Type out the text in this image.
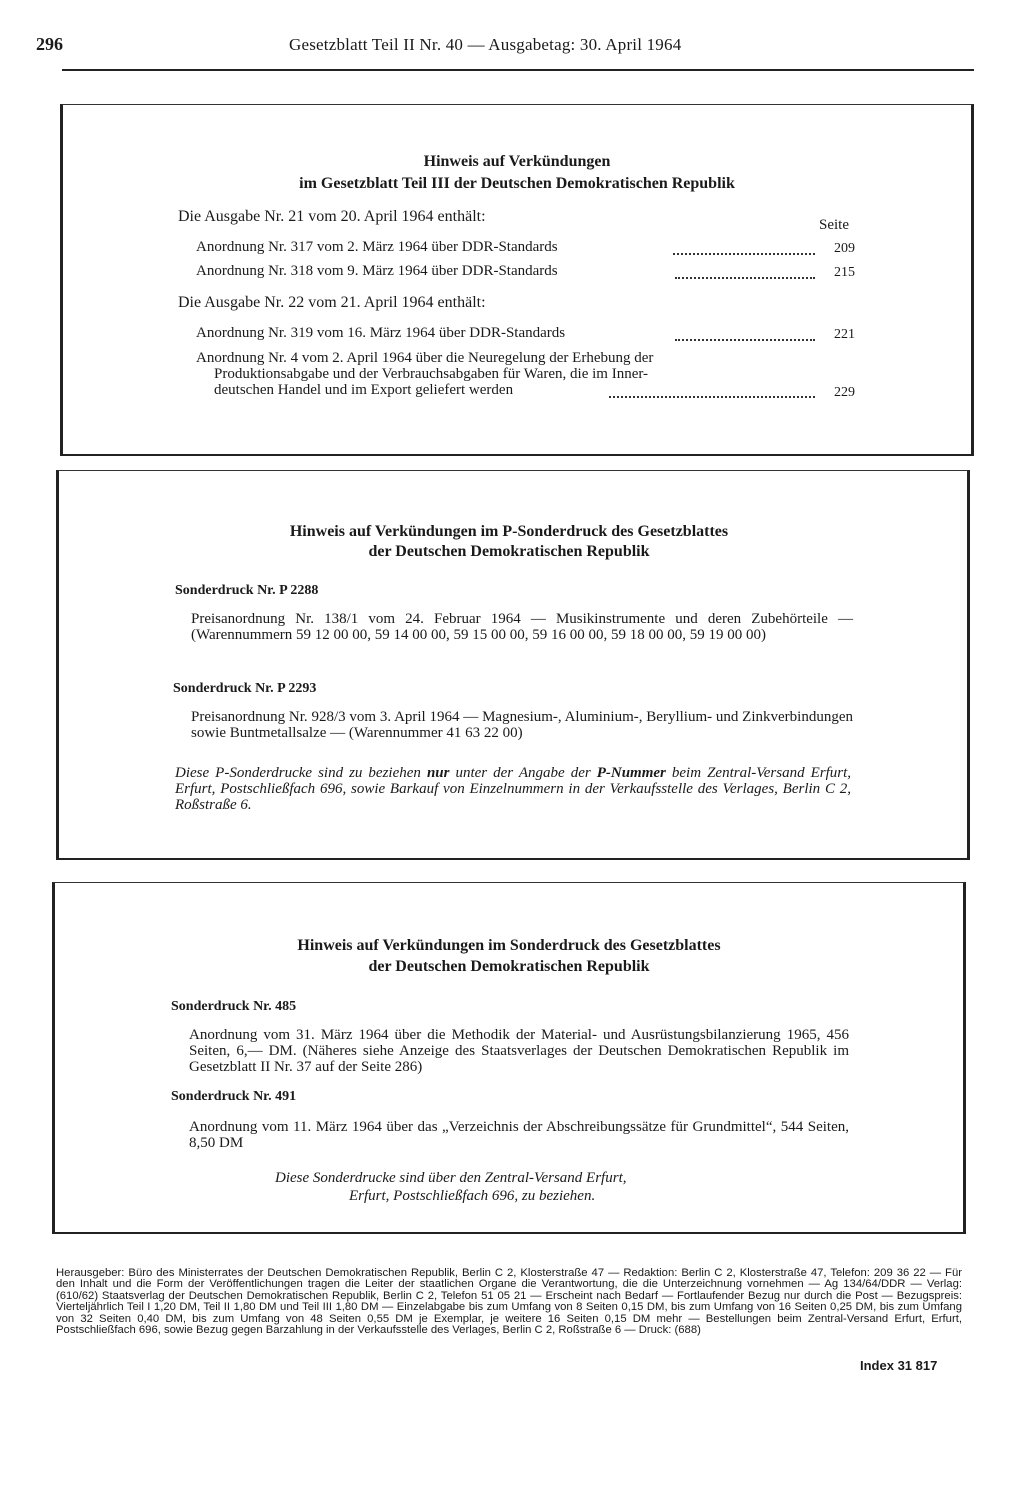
296	Gesetzblatt Teil II Nr. 40 — Ausgabetag: 30. April 1964
Hinweis auf Verkündungen
im Gesetzblatt Teil III der Deutschen Demokratischen Republik
Die Ausgabe Nr. 21 vom 20. April 1964 enthält:	Seite
Anordnung Nr. 317 vom 2. März 1964 über DDR-Standards	209
Anordnung Nr. 318 vom 9. März 1964 über DDR-Standards	215
Die Ausgabe Nr. 22 vom 21. April 1964 enthält:
Anordnung Nr. 319 vom 16. März 1964 über DDR-Standards	221
Anordnung Nr. 4 vom 2. April 1964 über die Neuregelung der Erhebung der
Produktionsabgabe und der Verbrauchsabgaben für Waren, die im Inner-
deutschen Handel und im Export geliefert werden	229
Hinweis auf Verkündungen im P-Sonderdruck des Gesetzblattes
der Deutschen Demokratischen Republik
Sonderdruck Nr. P 2288
Preisanordnung Nr. 138/1 vom 24. Februar 1964 — Musikinstrumente und deren Zubehörteile — (Warennummern 59 12 00 00, 59 14 00 00, 59 15 00 00, 59 16 00 00, 59 18 00 00, 59 19 00 00)
Sonderdruck Nr. P 2293
Preisanordnung Nr. 928/3 vom 3. April 1964 — Magnesium-, Aluminium-, Beryllium- und Zinkverbindungen sowie Buntmetallsalze — (Warennummer 41 63 22 00)
Diese P-Sonderdrucke sind zu beziehen nur unter der Angabe der P-Nummer beim Zentral-Versand Erfurt, Erfurt, Postschließfach 696, sowie Barkauf von Einzelnummern in der Verkaufsstelle des Verlages, Berlin C 2, Roßstraße 6.
Hinweis auf Verkündungen im Sonderdruck des Gesetzblattes
der Deutschen Demokratischen Republik
Sonderdruck Nr. 485
Anordnung vom 31. März 1964 über die Methodik der Material- und Ausrüstungsbilanzierung 1965, 456 Seiten, 6,— DM. (Näheres siehe Anzeige des Staatsverlages der Deutschen Demokratischen Republik im Gesetzblatt II Nr. 37 auf der Seite 286)
Sonderdruck Nr. 491
Anordnung vom 11. März 1964 über das „Verzeichnis der Abschreibungssätze für Grundmittel“, 544 Seiten, 8,50 DM
Diese Sonderdrucke sind über den Zentral-Versand Erfurt,
Erfurt, Postschließfach 696, zu beziehen.
Herausgeber: Büro des Ministerrates der Deutschen Demokratischen Republik, Berlin C 2, Klosterstraße 47 — Redaktion: Berlin C 2, Klosterstraße 47, Telefon: 209 36 22 — Für den Inhalt und die Form der Veröffentlichungen tragen die Leiter der staatlichen Organe die Verantwortung, die die Unterzeichnung vornehmen — Ag 134/64/DDR — Verlag: (610/62) Staatsverlag der Deutschen Demokratischen Republik, Berlin C 2, Telefon 51 05 21 — Erscheint nach Bedarf — Fortlaufender Bezug nur durch die Post — Bezugspreis: Vierteljährlich Teil I 1,20 DM, Teil II 1,80 DM und Teil III 1,80 DM — Einzelabgabe bis zum Umfang von 8 Seiten 0,15 DM, bis zum Umfang von 16 Seiten 0,25 DM, bis zum Umfang von 32 Seiten 0,40 DM, bis zum Umfang von 48 Seiten 0,55 DM je Exemplar, je weitere 16 Seiten 0,15 DM mehr — Bestellungen beim Zentral-Versand Erfurt, Erfurt, Postschließfach 696, sowie Bezug gegen Barzahlung in der Verkaufsstelle des Verlages, Berlin C 2, Roßstraße 6 — Druck: (688)
Index 31 817
